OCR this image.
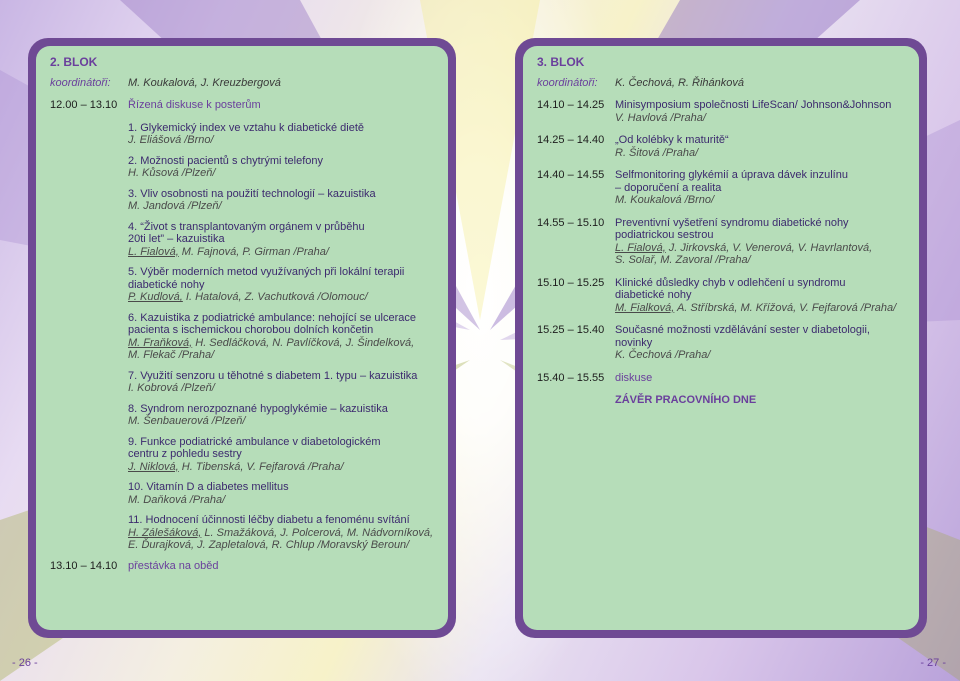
2. BLOK
koordinátoři:	M. Koukalová, J. Kreuzbergová
12.00 – 13.10 Řízená diskuse k posterům
1. Glykemický index ve vztahu k diabetické dietě
J. Eliášová /Brno/
2. Možnosti pacientů s chytrými telefony
H. Kůsová /Plzeň/
3. Vliv osobnosti na použití technologií – kazuistika
M. Jandová /Plzeň/
4. “Život s transplantovaným orgánem v průběhu
20ti let” – kazuistika
L. Fialová, M. Fajnová, P. Girman /Praha/
5. Výběr moderních metod využívaných při lokální terapii
diabetické nohy
P. Kudlová, I. Hatalová, Z. Vachutková /Olomouc/
6. Kazuistika z podiatrické ambulance: nehojící se ulcerace
pacienta s ischemickou chorobou dolních končetin
M. Fraňková, H. Sedláčková, N. Pavlíčková, J. Šindelková,
M. Flekač /Praha/
7. Využití senzoru u těhotné s diabetem 1. typu – kazuistika
I. Kobrová /Plzeň/
8. Syndrom nerozpoznané hypoglykémie – kazuistika
M. Šenbauerová /Plzeň/
9. Funkce podiatrické ambulance v diabetologickém
centru z pohledu sestry
J. Niklová, H. Tibenská, V. Fejfarová /Praha/
10. Vitamín D a diabetes mellitus
M. Daňková /Praha/
11. Hodnocení účinnosti léčby diabetu a fenoménu svítání
H. Zálešáková, L. Smažáková, J. Polcerová, M. Nádvorníková,
E. Ďurajková, J. Zapletalová, R. Chlup /Moravský Beroun/
13.10 – 14.10 přestávka na oběd
3. BLOK
koordinátoři:	K. Čechová, R. Řihánková
14.10 – 14.25 Minisymposium společnosti LifeScan/ Johnson&Johnson
V. Havlová /Praha/
14.25 – 14.40 „Od kolébky k maturitě“
R. Šitová /Praha/
14.40 – 14.55 Selfmonitoring glykémií a úprava dávek inzulínu
– doporučení a realita
M. Koukalová /Brno/
14.55 – 15.10 Preventivní vyšetření syndromu diabetické nohy
podiatrickou sestrou
L. Fialová, J. Jirkovská, V. Venerová, V. Havrlantová,
S. Solař, M. Zavoral /Praha/
15.10 – 15.25 Klinické důsledky chyb v odlehčení u syndromu
diabetické nohy
M. Fialková, A. Stříbrská, M. Křížová, V. Fejfarová /Praha/
15.25 – 15.40 Současné možnosti vzdělávání sester v diabetologii,
novinky
K. Čechová /Praha/
15.40 – 15.55 diskuse
ZÁVĚR PRACOVNÍHO DNE
- 26 -	- 27 -
